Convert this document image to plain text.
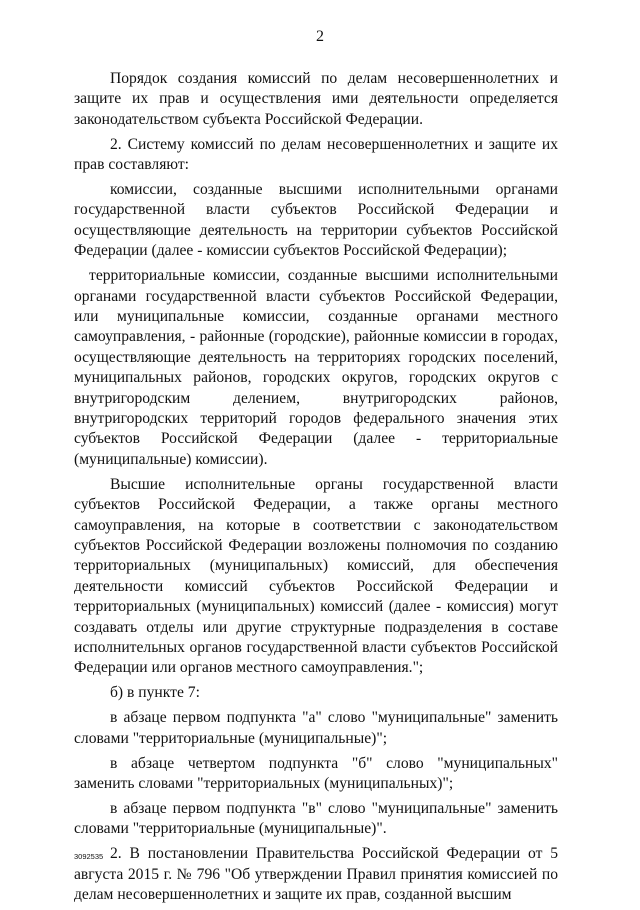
2

Порядок создания комиссий по делам несовершеннолетних и защите их прав и осуществления ими деятельности определяется законодательством субъекта Российской Федерации.

2. Систему комиссий по делам несовершеннолетних и защите их прав составляют:

комиссии, созданные высшими исполнительными органами государственной власти субъектов Российской Федерации и осуществляющие деятельность на территории субъектов Российской Федерации (далее - комиссии субъектов Российской Федерации);

территориальные комиссии, созданные высшими исполнительными органами государственной власти субъектов Российской Федерации, или муниципальные комиссии, созданные органами местного самоуправления, - районные (городские), районные комиссии в городах, осуществляющие деятельность на территориях городских поселений, муниципальных районов, городских округов, городских округов с внутригородским делением, внутригородских районов, внутригородских территорий городов федерального значения этих субъектов Российской Федерации (далее - территориальные (муниципальные) комиссии).

Высшие исполнительные органы государственной власти субъектов Российской Федерации, а также органы местного самоуправления, на которые в соответствии с законодательством субъектов Российской Федерации возложены полномочия по созданию территориальных (муниципальных) комиссий, для обеспечения деятельности комиссий субъектов Российской Федерации и территориальных (муниципальных) комиссий (далее - комиссия) могут создавать отделы или другие структурные подразделения в составе исполнительных органов государственной власти субъектов Российской Федерации или органов местного самоуправления.";

б) в пункте 7:

в абзаце первом подпункта "а" слово "муниципальные" заменить словами "территориальные (муниципальные)";

в абзаце четвертом подпункта "б" слово "муниципальных" заменить словами "территориальных (муниципальных)";

в абзаце первом подпункта "в" слово "муниципальные" заменить словами "территориальные (муниципальные)".

2. В постановлении Правительства Российской Федерации от 5 августа 2015 г. № 796 "Об утверждении Правил принятия комиссией по делам несовершеннолетних и защите их прав, созданной высшим

3092535
